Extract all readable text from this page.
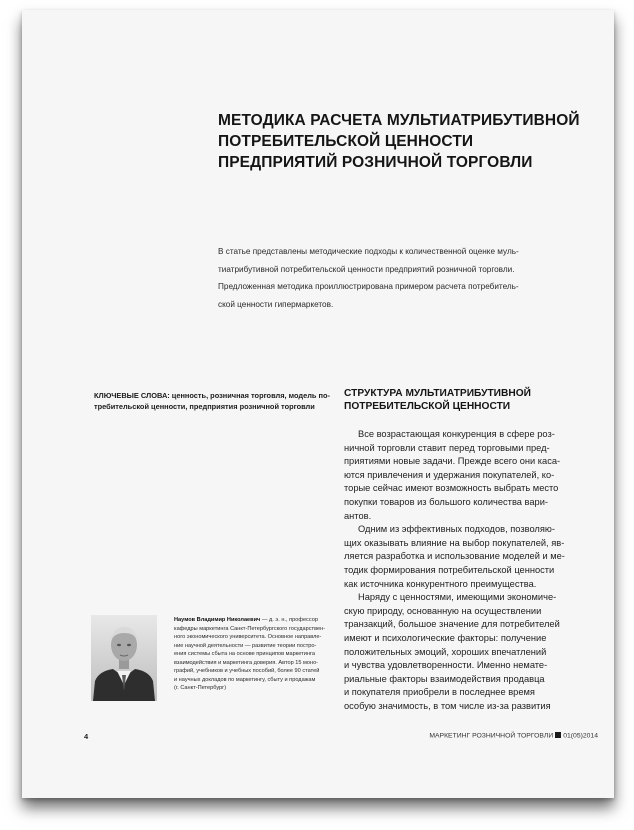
МЕТОДИКА РАСЧЕТА МУЛЬТИАТРИБУТИВНОЙ
ПОТРЕБИТЕЛЬСКОЙ ЦЕННОСТИ
ПРЕДПРИЯТИЙ РОЗНИЧНОЙ ТОРГОВЛИ
В статье представлены методические подходы к количественной оценке муль-
тиатрибутивной потребительской ценности предприятий розничной торговли.
Предложенная методика проиллюстрирована примером расчета потребитель-
ской ценности гипермаркетов.
КЛЮЧЕВЫЕ СЛОВА: ценность, розничная торговля, модель по-
требительской ценности, предприятия розничной торговли
СТРУКТУРА МУЛЬТИАТРИБУТИВНОЙ
ПОТРЕБИТЕЛЬСКОЙ ЦЕННОСТИ
Все возрастающая конкуренция в сфере роз-
ничной торговли ставит перед торговыми пред-
приятиями новые задачи. Прежде всего они каса-
ются привлечения и удержания покупателей, ко-
торые сейчас имеют возможность выбрать место
покупки товаров из большого количества вари-
антов.
Одним из эффективных подходов, позволяю-
щих оказывать влияние на выбор покупателей, яв-
ляется разработка и использование моделей и ме-
тодик формирования потребительской ценности
как источника конкурентного преимущества.
Наряду с ценностями, имеющими экономиче-
скую природу, основанную на осуществлении
транзакций, большое значение для потребителей
имеют и психологические факторы: получение
положительных эмоций, хороших впечатлений
и чувства удовлетворенности. Именно немате-
риальные факторы взаимодействия продавца
и покупателя приобрели в последнее время
особую значимость, в том числе из-за развития
Наумов Владимир Николаевич — д. э. н., профессор
кафедры маркетинга Санкт-Петербургского государствен-
ного экономического университета. Основное направле-
ние научной деятельности — развитие теории постро-
ения системы сбыта на основе принципов маркетинга
взаимодействия и маркетинга доверия. Автор 15 моно-
графий, учебников и учебных пособий, более 90 статей
и научных докладов по маркетингу, сбыту и продажам
(г. Санкт-Петербург)
4	МАРКЕТИНГ РОЗНИЧНОЙ ТОРГОВЛИ 01(05)2014
